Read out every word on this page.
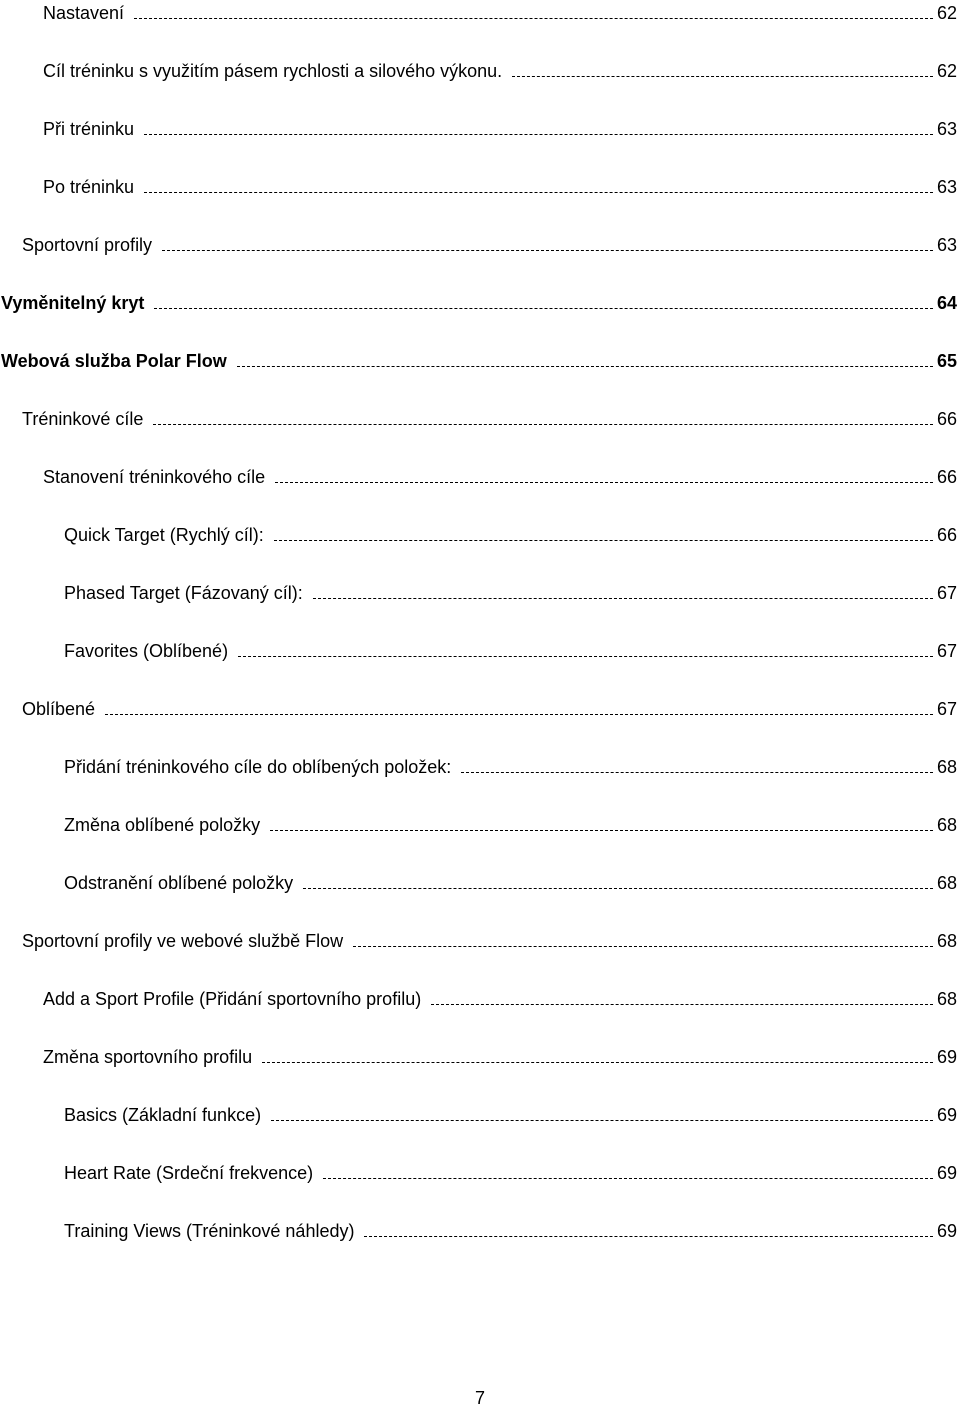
Nastavení	62
Cíl tréninku s využitím pásem rychlosti a silového výkonu.	62
Při tréninku	63
Po tréninku	63
Sportovní profily	63
Vyměnitelný kryt	64
Webová služba Polar Flow	65
Tréninkové cíle	66
Stanovení tréninkového cíle	66
Quick Target (Rychlý cíl):	66
Phased Target (Fázovaný cíl):	67
Favorites (Oblíbené)	67
Oblíbené	67
Přidání tréninkového cíle do oblíbených položek:	68
Změna oblíbené položky	68
Odstranění oblíbené položky	68
Sportovní profily ve webové službě Flow	68
Add a Sport Profile (Přidání sportovního profilu)	68
Změna sportovního profilu	69
Basics (Základní funkce)	69
Heart Rate (Srdeční frekvence)	69
Training Views (Tréninkové náhledy)	69
7
